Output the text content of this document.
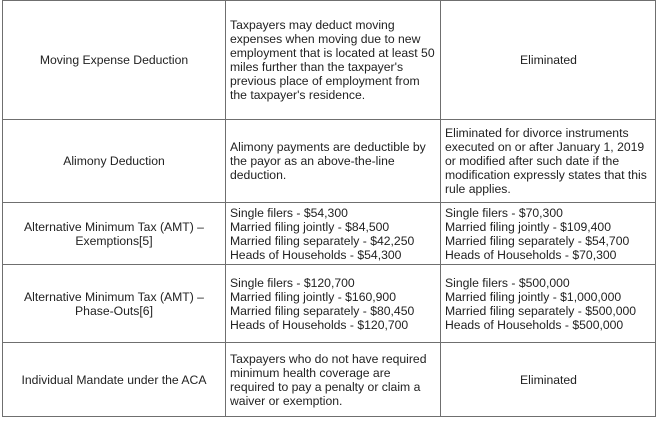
Moving Expense Deduction	Taxpayers may deduct moving expenses when moving due to new employment that is located at least 50 miles further than the taxpayer's previous place of employment from the taxpayer's residence.	Eliminated
Alimony Deduction	Alimony payments are deductible by the payor as an above-the-line deduction.	Eliminated for divorce instruments executed on or after January 1, 2019 or modified after such date if the modification expressly states that this rule applies.
Alternative Minimum Tax (AMT) – Exemptions[5]	Single filers - $54,300
Married filing jointly - $84,500
Married filing separately - $42,250
Heads of Households - $54,300	Single filers - $70,300
Married filing jointly - $109,400
Married filing separately - $54,700
Heads of Households - $70,300

Alternative Minimum Tax (AMT) – Phase-Outs[6]	Single filers - $120,700
Married filing jointly - $160,900
Married filing separately - $80,450
Heads of Households - $120,700	Single filers - $500,000
Married filing jointly - $1,000,000
Married filing separately - $500,000
Heads of Households - $500,000

Individual Mandate under the ACA	Taxpayers who do not have required minimum health coverage are required to pay a penalty or claim a waiver or exemption.	Eliminated
